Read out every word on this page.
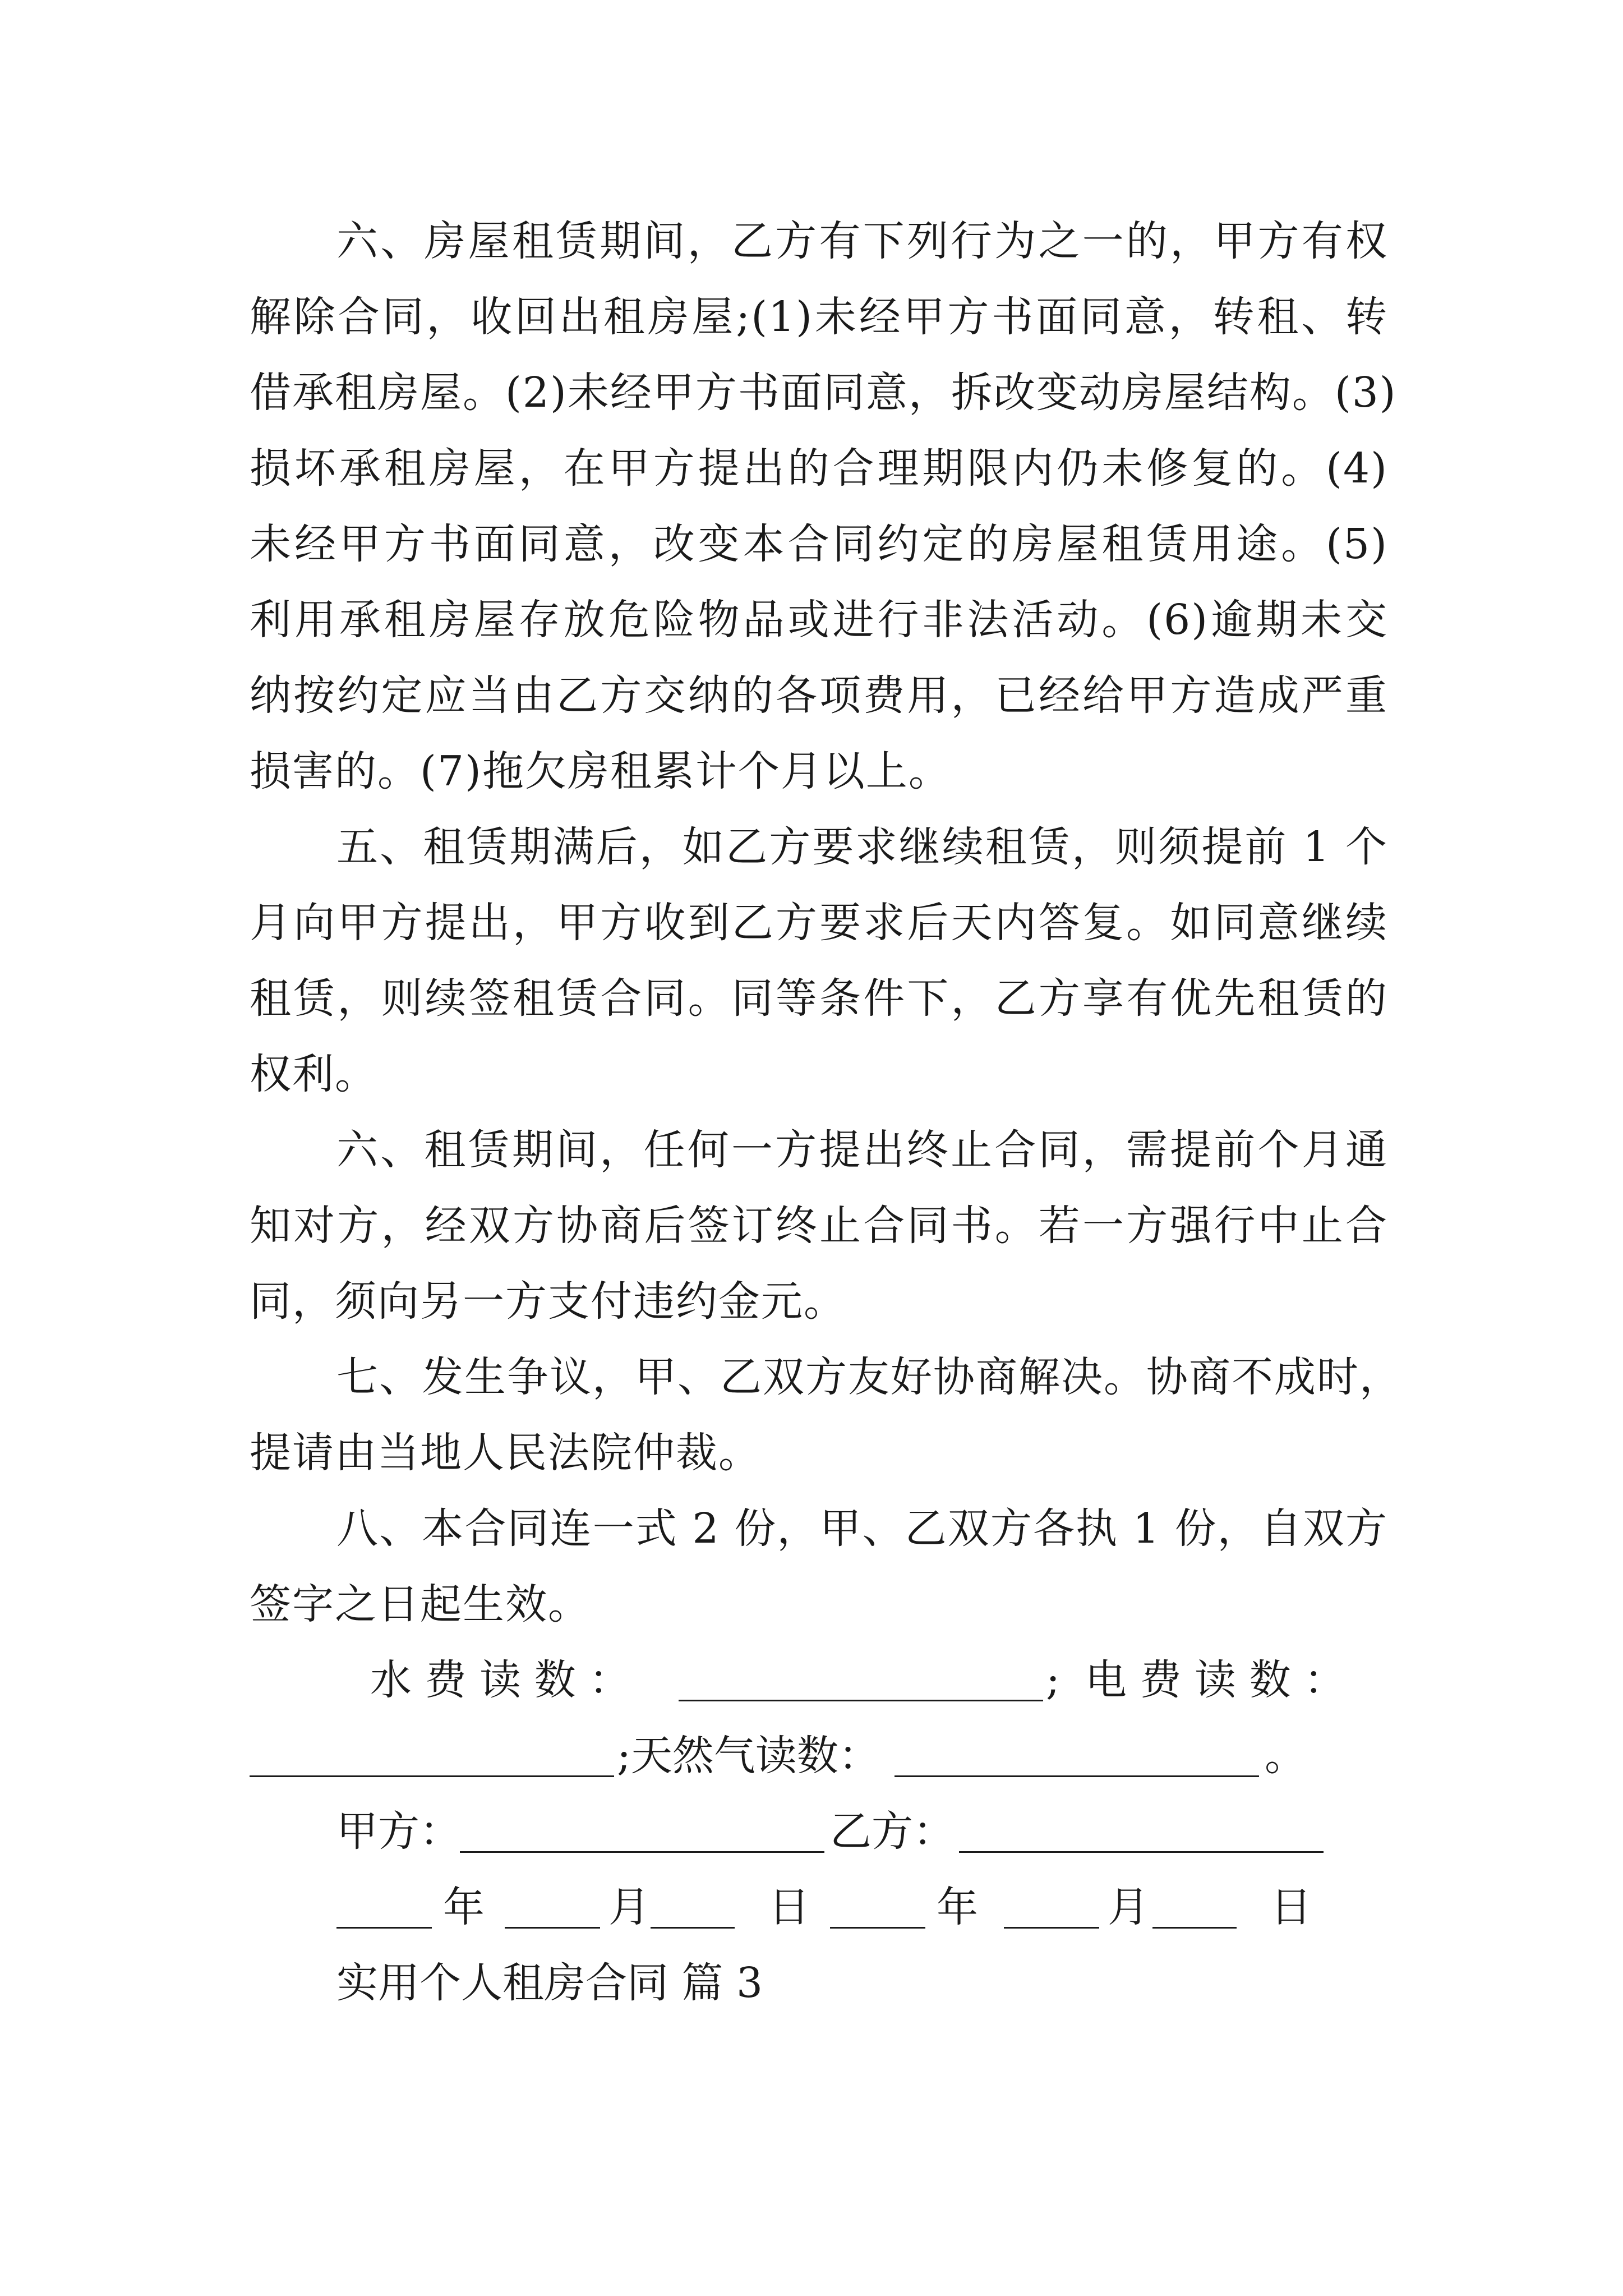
六、房屋租赁期间，乙方有下列行为之一的，甲方有权
解除合同，收回出租房屋;(1)未经甲方书面同意，转租、转
借承租房屋。(2)未经甲方书面同意，拆改变动房屋结构。(3)
损坏承租房屋，在甲方提出的合理期限内仍未修复的。(4)
未经甲方书面同意，改变本合同约定的房屋租赁用途。(5)
利用承租房屋存放危险物品或进行非法活动。(6)逾期未交
纳按约定应当由乙方交纳的各项费用，已经给甲方造成严重
损害的。(7)拖欠房租累计个月以上。
五、租赁期满后，如乙方要求继续租赁，则须提前 1 个
月向甲方提出，甲方收到乙方要求后天内答复。如同意继续
租赁，则续签租赁合同。同等条件下，乙方享有优先租赁的
权利。
六、租赁期间，任何一方提出终止合同，需提前个月通
知对方，经双方协商后签订终止合同书。若一方强行中止合
同，须向另一方支付违约金元。
七、发生争议，甲、乙双方友好协商解决。协商不成时，
提请由当地人民法院仲裁。
八、本合同连一式 2 份，甲、乙双方各执 1 份，自双方
签字之日起生效。
水 费 读 数 ：	; 电 费 读 数 ：
;天然气读数：	。
甲方：	乙方：
年	月	日	年	月	日
实用个人租房合同 篇 3
